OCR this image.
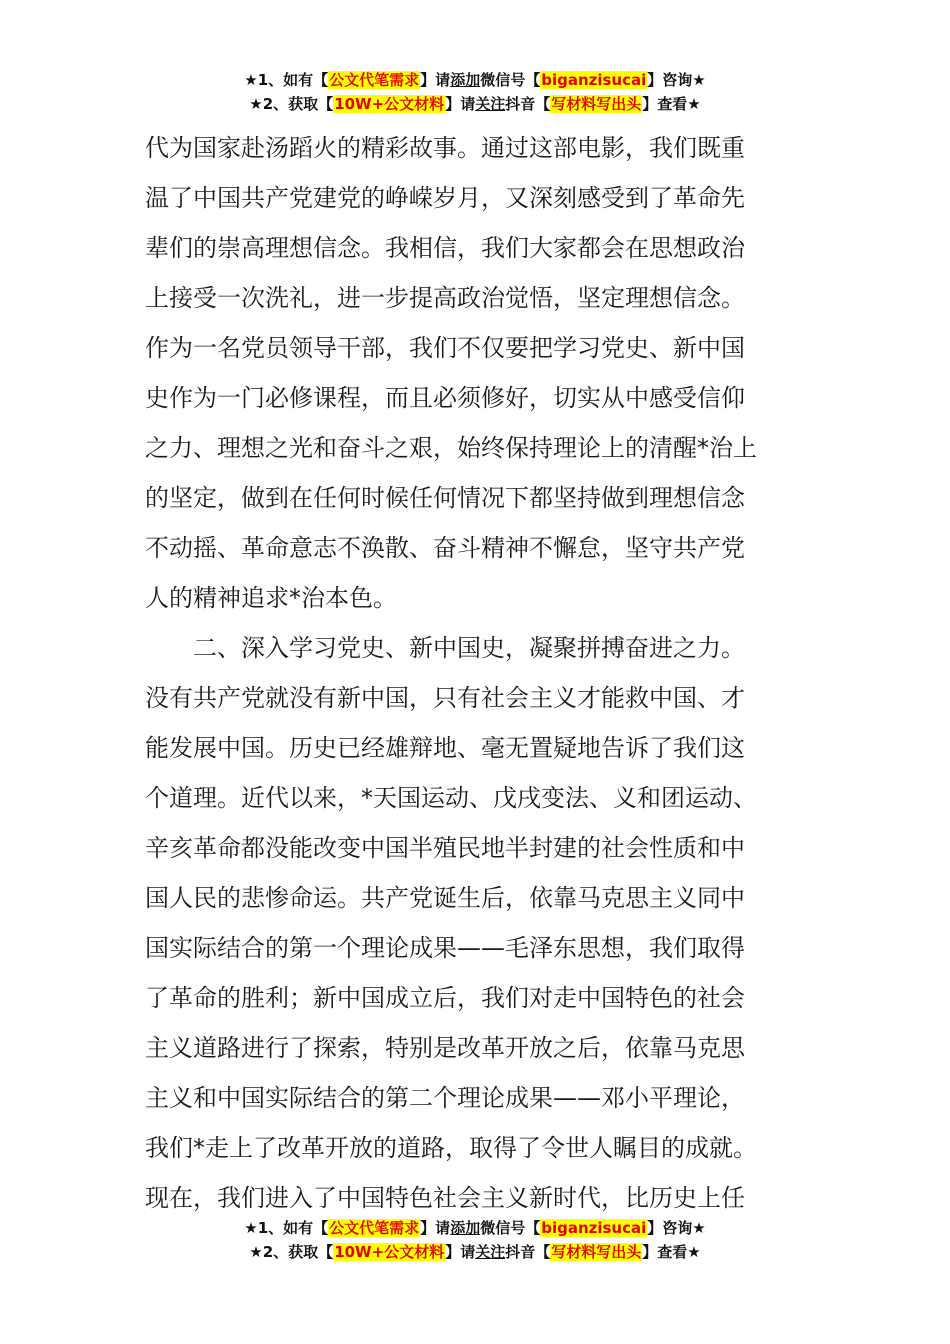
★1、如有【公文代笔需求】请添加微信号【biganzisucai】咨询★
★2、获取【10W+公文材料】请关注抖音【写材料写出头】查看★
代为国家赴汤蹈火的精彩故事。通过这部电影，我们既重
温了中国共产党建党的峥嵘岁月，又深刻感受到了革命先
辈们的崇高理想信念。我相信，我们大家都会在思想政治
上接受一次洗礼，进一步提高政治觉悟，坚定理想信念。
作为一名党员领导干部，我们不仅要把学习党史、新中国
史作为一门必修课程，而且必须修好，切实从中感受信仰
之力、理想之光和奋斗之艰，始终保持理论上的清醒*治上
的坚定，做到在任何时候任何情况下都坚持做到理想信念
不动摇、革命意志不涣散、奋斗精神不懈怠，坚守共产党
人的精神追求*治本色。
二、深入学习党史、新中国史，凝聚拼搏奋进之力。
没有共产党就没有新中国，只有社会主义才能救中国、才
能发展中国。历史已经雄辩地、毫无置疑地告诉了我们这
个道理。近代以来，*天国运动、戊戌变法、义和团运动、
辛亥革命都没能改变中国半殖民地半封建的社会性质和中
国人民的悲惨命运。共产党诞生后，依靠马克思主义同中
国实际结合的第一个理论成果——毛泽东思想，我们取得
了革命的胜利；新中国成立后，我们对走中国特色的社会
主义道路进行了探索，特别是改革开放之后，依靠马克思
主义和中国实际结合的第二个理论成果——邓小平理论，
我们*走上了改革开放的道路，取得了令世人瞩目的成就。
现在，我们进入了中国特色社会主义新时代，比历史上任
★1、如有【公文代笔需求】请添加微信号【biganzisucai】咨询★
★2、获取【10W+公文材料】请关注抖音【写材料写出头】查看★
